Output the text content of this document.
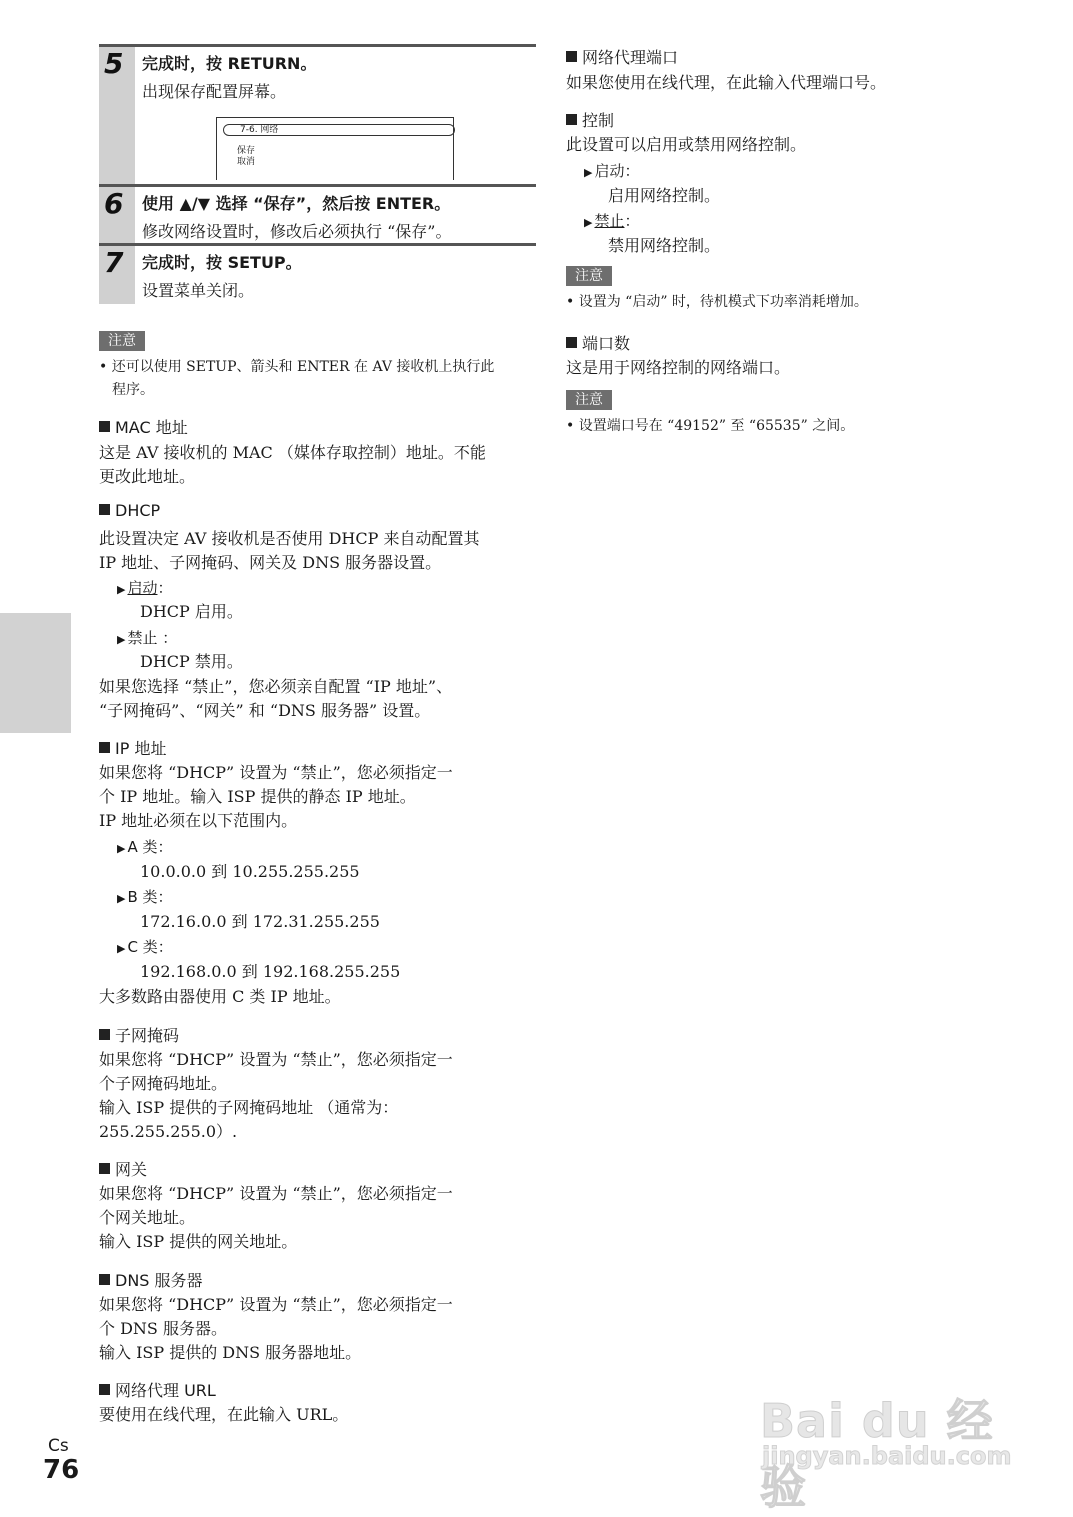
5 完成时，按 RETURN。
出现保存配置屏幕。
7-6. 网络
保存
取消
6 使用 ▲/▼ 选择 “保存”，然后按 ENTER。
修改网络设置时，修改后必须执行 “保存”。
7 完成时，按 SETUP。
设置菜单关闭。
注意
• 还可以使用 SETUP、箭头和 ENTER 在 AV 接收机上执行此
程序。
MAC 地址
这是 AV 接收机的 MAC （媒体存取控制）地址。不能
更改此地址。
DHCP
此设置决定 AV 接收机是否使用 DHCP 来自动配置其
IP 地址、子网掩码、网关及 DNS 服务器设置。
▶ 启动：
DHCP 启用。
▶ 禁止 ：
DHCP 禁用。
如果您选择 “禁止”，您必须亲自配置 “IP 地址”、
“子网掩码”、“网关” 和 “DNS 服务器” 设置。
IP 地址
如果您将 “DHCP” 设置为 “禁止”，您必须指定一
个 IP 地址。输入 ISP 提供的静态 IP 地址。
IP 地址必须在以下范围内。
▶ A 类：
10.0.0.0 到 10.255.255.255
▶ B 类：
172.16.0.0 到 172.31.255.255
▶ C 类：
192.168.0.0 到 192.168.255.255
大多数路由器使用 C 类 IP 地址。
子网掩码
如果您将 “DHCP” 设置为 “禁止”，您必须指定一
个子网掩码地址。
输入 ISP 提供的子网掩码地址 （通常为：
255.255.255.0）.
网关
如果您将 “DHCP” 设置为 “禁止”，您必须指定一
个网关地址。
输入 ISP 提供的网关地址。
DNS 服务器
如果您将 “DHCP” 设置为 “禁止”，您必须指定一
个 DNS 服务器。
输入 ISP 提供的 DNS 服务器地址。
网络代理 URL
要使用在线代理，在此输入 URL。
网络代理端口
如果您使用在线代理，在此输入代理端口号。
控制
此设置可以启用或禁用网络控制。
▶ 启动：
启用网络控制。
▶ 禁止：
禁用网络控制。
注意
• 设置为 “启动” 时，待机模式下功率消耗增加。
端口数
这是用于网络控制的网络端口。
注意
• 设置端口号在 “49152” 至 “65535” 之间。
Cs
76
Bai du 经验
jingyan.baidu.com
